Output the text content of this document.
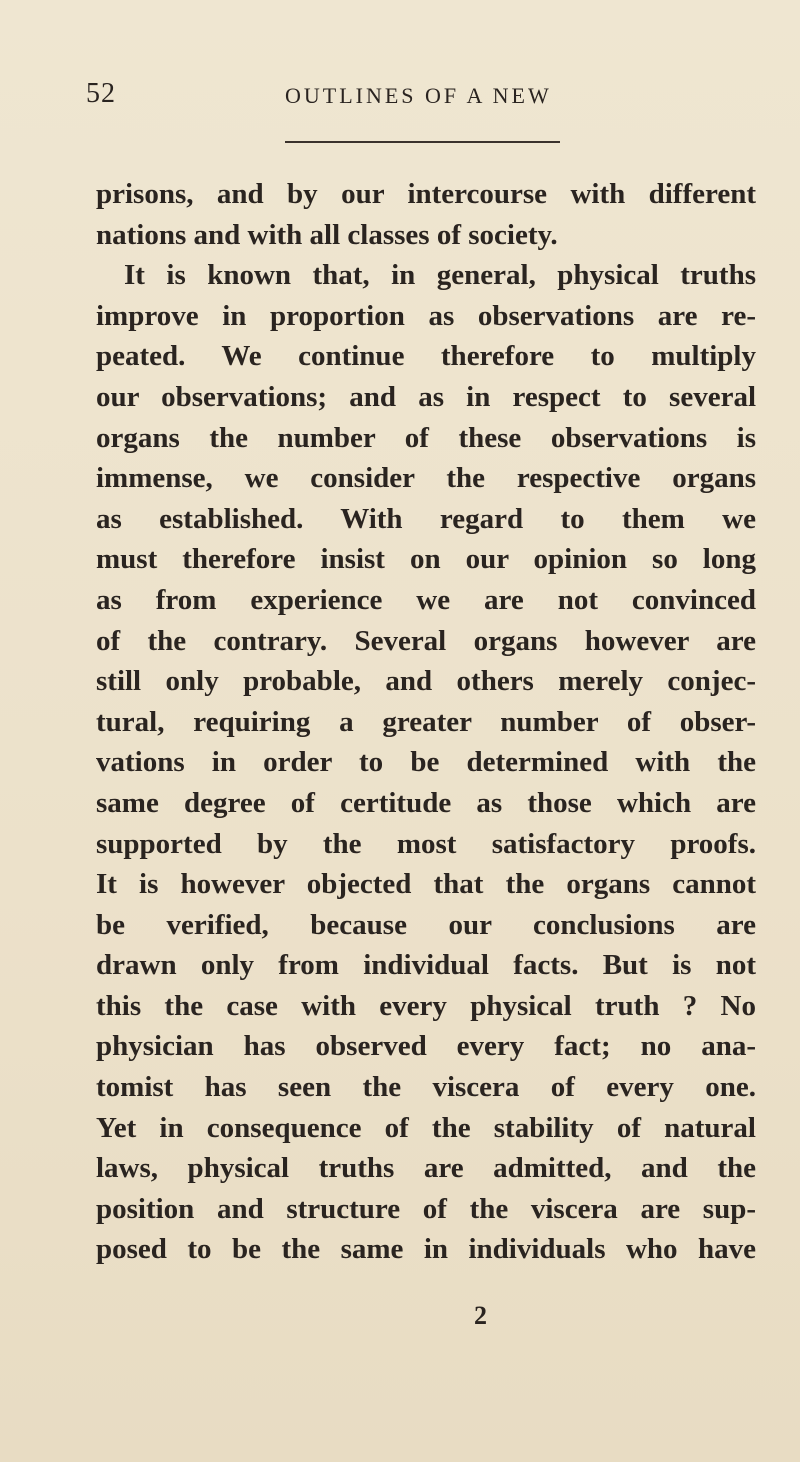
52	OUTLINES OF A NEW
prisons, and by our intercourse with different
nations and with all classes of society.
It is known that, in general, physical truths
improve in proportion as observations are re-
peated. We continue therefore to multiply
our observations; and as in respect to several
organs the number of these observations is
immense, we consider the respective organs
as established. With regard to them we
must therefore insist on our opinion so long
as from experience we are not convinced
of the contrary. Several organs however are
still only probable, and others merely conjec-
tural, requiring a greater number of obser-
vations in order to be determined with the
same degree of certitude as those which are
supported by the most satisfactory proofs.
It is however objected that the organs cannot
be verified, because our conclusions are
drawn only from individual facts. But is not
this the case with every physical truth ? No
physician has observed every fact; no ana-
tomist has seen the viscera of every one.
Yet in consequence of the stability of natural
laws, physical truths are admitted, and the
position and structure of the viscera are sup-
posed to be the same in individuals who have
2
